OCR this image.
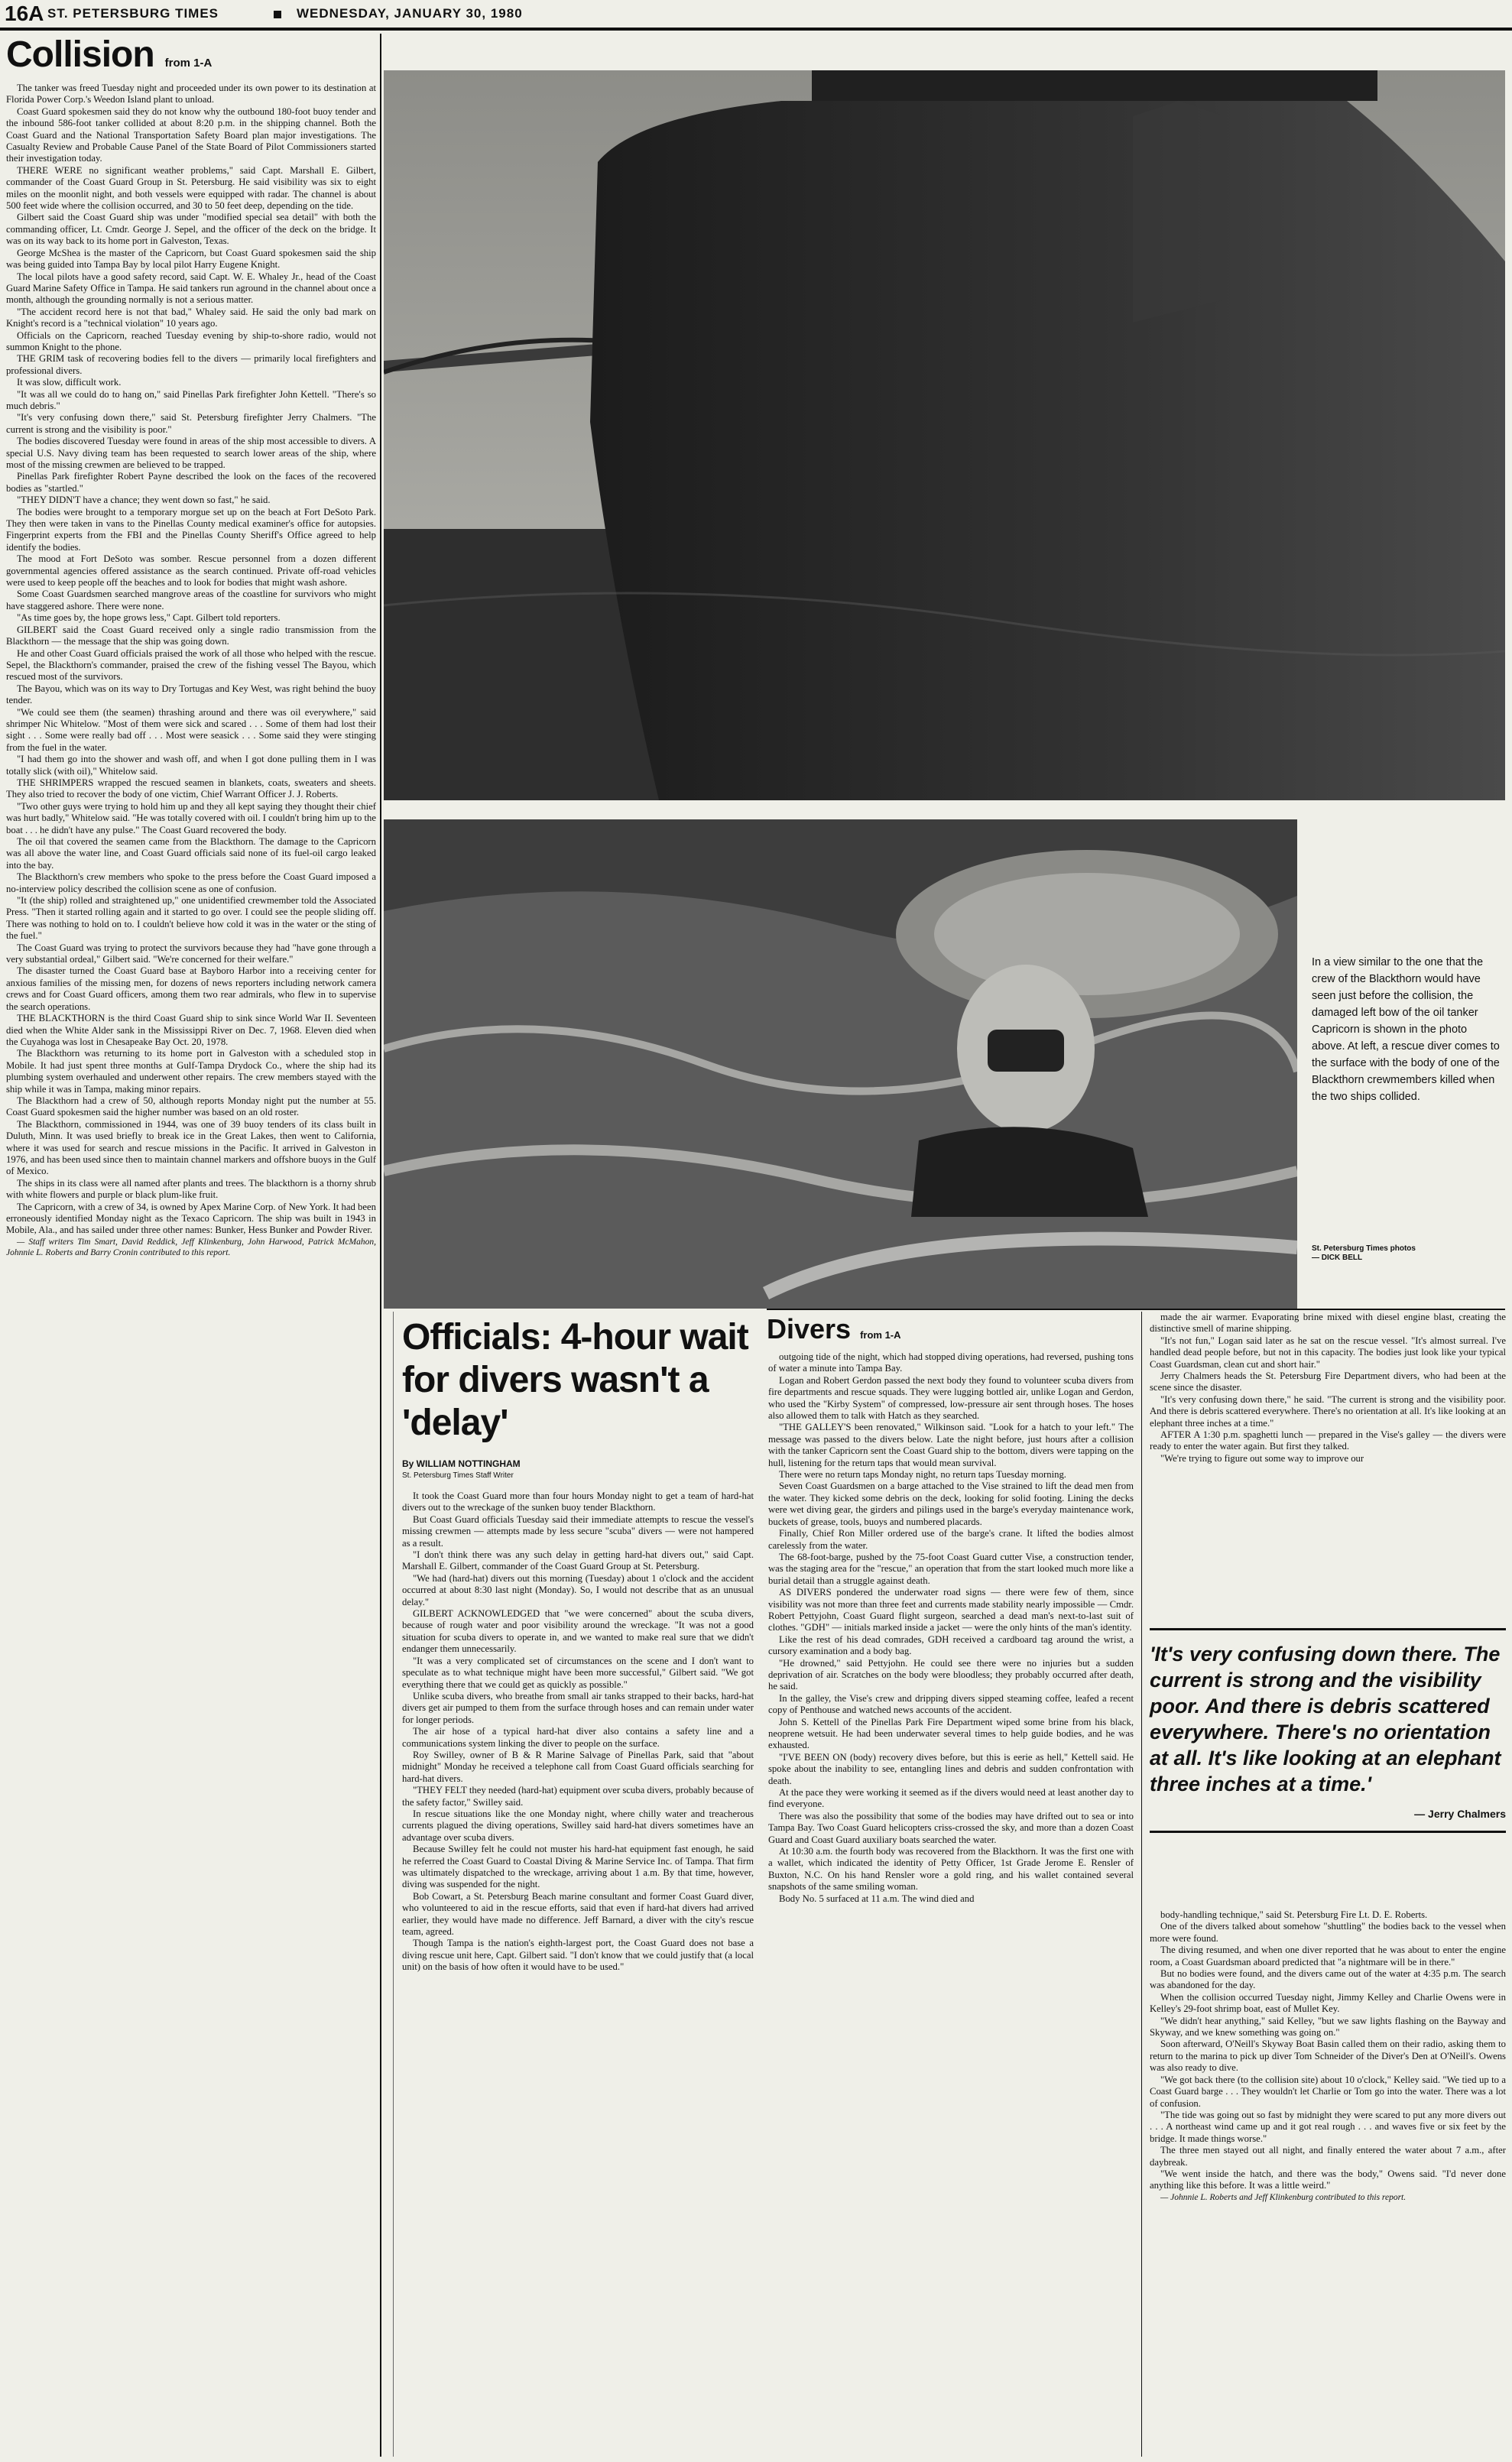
16A ST. PETERSBURG TIMES	WEDNESDAY, JANUARY 30, 1980
Collision from 1-A

The tanker was freed Tuesday night and proceeded under its own power to its destination at Florida Power Corp.'s Weedon Island plant to unload.

Coast Guard spokesmen said they do not know why the outbound 180-foot buoy tender and the inbound 586-foot tanker collided at about 8:20 p.m. in the shipping channel. Both the Coast Guard and the National Transportation Safety Board plan major investigations. The Casualty Review and Probable Cause Panel of the State Board of Pilot Commissioners started their investigation today.

THERE WERE no significant weather problems," said Capt. Marshall E. Gilbert, commander of the Coast Guard Group in St. Petersburg. He said visibility was six to eight miles on the moonlit night, and both vessels were equipped with radar. The channel is about 500 feet wide where the collision occurred, and 30 to 50 feet deep, depending on the tide.

Gilbert said the Coast Guard ship was under "modified special sea detail" with both the commanding officer, Lt. Cmdr. George J. Sepel, and the officer of the deck on the bridge. It was on its way back to its home port in Galveston, Texas.

George McShea is the master of the Capricorn, but Coast Guard spokesmen said the ship was being guided into Tampa Bay by local pilot Harry Eugene Knight.

The local pilots have a good safety record, said Capt. W. E. Whaley Jr., head of the Coast Guard Marine Safety Office in Tampa. He said tankers run aground in the channel about once a month, although the grounding normally is not a serious matter.

"The accident record here is not that bad," Whaley said. He said the only bad mark on Knight's record is a "technical violation" 10 years ago.

Officials on the Capricorn, reached Tuesday evening by ship-to-shore radio, would not summon Knight to the phone.

THE GRIM task of recovering bodies fell to the divers — primarily local firefighters and professional divers.

It was slow, difficult work.

"It was all we could do to hang on," said Pinellas Park firefighter John Kettell. "There's so much debris."

"It's very confusing down there," said St. Petersburg firefighter Jerry Chalmers. "The current is strong and the visibility is poor."

The bodies discovered Tuesday were found in areas of the ship most accessible to divers. A special U.S. Navy diving team has been requested to search lower areas of the ship, where most of the missing crewmen are believed to be trapped.

Pinellas Park firefighter Robert Payne described the look on the faces of the recovered bodies as "startled."

"THEY DIDN'T have a chance; they went down so fast," he said.

The bodies were brought to a temporary morgue set up on the beach at Fort DeSoto Park. They then were taken in vans to the Pinellas County medical examiner's office for autopsies. Fingerprint experts from the FBI and the Pinellas County Sheriff's Office agreed to help identify the bodies.

The mood at Fort DeSoto was somber. Rescue personnel from a dozen different governmental agencies offered assistance as the search continued. Private off-road vehicles were used to keep people off the beaches and to look for bodies that might wash ashore.

Some Coast Guardsmen searched mangrove areas of the coastline for survivors who might have staggered ashore. There were none.

"As time goes by, the hope grows less," Capt. Gilbert told reporters.

GILBERT said the Coast Guard received only a single radio transmission from the Blackthorn — the message that the ship was going down.

He and other Coast Guard officials praised the work of all those who helped with the rescue. Sepel, the Blackthorn's commander, praised the crew of the fishing vessel The Bayou, which rescued most of the survivors.

The Bayou, which was on its way to Dry Tortugas and Key West, was right behind the buoy tender.

"We could see them (the seamen) thrashing around and there was oil everywhere," said shrimper Nic Whitelow. "Most of them were sick and scared . . . Some of them had lost their sight . . . Some were really bad off . . . Most were seasick . . . Some said they were stinging from the fuel in the water.

"I had them go into the shower and wash off, and when I got done pulling them in I was totally slick (with oil)," Whitelow said.

THE SHRIMPERS wrapped the rescued seamen in blankets, coats, sweaters and sheets. They also tried to recover the body of one victim, Chief Warrant Officer J. J. Roberts.

"Two other guys were trying to hold him up and they all kept saying they thought their chief was hurt badly," Whitelow said. "He was totally covered with oil. I couldn't bring him up to the boat . . . he didn't have any pulse." The Coast Guard recovered the body.

The oil that covered the seamen came from the Blackthorn. The damage to the Capricorn was all above the water line, and Coast Guard officials said none of its fuel-oil cargo leaked into the bay.

The Blackthorn's crew members who spoke to the press before the Coast Guard imposed a no-interview policy described the collision scene as one of confusion.

"It (the ship) rolled and straightened up," one unidentified crewmember told the Associated Press. "Then it started rolling again and it started to go over. I could see the people sliding off. There was nothing to hold on to. I couldn't believe how cold it was in the water or the sting of the fuel."

The Coast Guard was trying to protect the survivors because they had "have gone through a very substantial ordeal," Gilbert said. "We're concerned for their welfare."

The disaster turned the Coast Guard base at Bayboro Harbor into a receiving center for anxious families of the missing men, for dozens of news reporters including network camera crews and for Coast Guard officers, among them two rear admirals, who flew in to supervise the search operations.

THE BLACKTHORN is the third Coast Guard ship to sink since World War II. Seventeen died when the White Alder sank in the Mississippi River on Dec. 7, 1968. Eleven died when the Cuyahoga was lost in Chesapeake Bay Oct. 20, 1978.

The Blackthorn was returning to its home port in Galveston with a scheduled stop in Mobile. It had just spent three months at Gulf-Tampa Drydock Co., where the ship had its plumbing system overhauled and underwent other repairs. The crew members stayed with the ship while it was in Tampa, making minor repairs.

The Blackthorn had a crew of 50, although reports Monday night put the number at 55. Coast Guard spokesmen said the higher number was based on an old roster.

The Blackthorn, commissioned in 1944, was one of 39 buoy tenders of its class built in Duluth, Minn. It was used briefly to break ice in the Great Lakes, then went to California, where it was used for search and rescue missions in the Pacific. It arrived in Galveston in 1976, and has been used since then to maintain channel markers and offshore buoys in the Gulf of Mexico.

The ships in its class were all named after plants and trees. The blackthorn is a thorny shrub with white flowers and purple or black plum-like fruit.

The Capricorn, with a crew of 34, is owned by Apex Marine Corp. of New York. It had been erroneously identified Monday night as the Texaco Capricorn. The ship was built in 1943 in Mobile, Ala., and has sailed under three other names: Bunker, Hess Bunker and Powder River.

— Staff writers Tim Smart, David Reddick, Jeff Klinkenburg, John Harwood, Patrick McMahon, Johnnie L. Roberts and Barry Cronin contributed to this report.

In a view similar to the one that the crew of the Blackthorn would have seen just before the collision, the damaged left bow of the oil tanker Capricorn is shown in the photo above. At left, a rescue diver comes to the surface with the body of one of the Blackthorn crewmembers killed when the two ships collided.
St. Petersburg Times photos
— DICK BELL
Officials: 4-hour wait for divers wasn't a 'delay'
By WILLIAM NOTTINGHAM
St. Petersburg Times Staff Writer

It took the Coast Guard more than four hours Monday night to get a team of hard-hat divers out to the wreckage of the sunken buoy tender Blackthorn.

But Coast Guard officials Tuesday said their immediate attempts to rescue the vessel's missing crewmen — attempts made by less secure "scuba" divers — were not hampered as a result.

"I don't think there was any such delay in getting hard-hat divers out," said Capt. Marshall E. Gilbert, commander of the Coast Guard Group at St. Petersburg.

"We had (hard-hat) divers out this morning (Tuesday) about 1 o'clock and the accident occurred at about 8:30 last night (Monday). So, I would not describe that as an unusual delay."

GILBERT ACKNOWLEDGED that "we were concerned" about the scuba divers, because of rough water and poor visibility around the wreckage. "It was not a good situation for scuba divers to operate in, and we wanted to make real sure that we didn't endanger them unnecessarily.

"It was a very complicated set of circumstances on the scene and I don't want to speculate as to what technique might have been more successful," Gilbert said. "We got everything there that we could get as quickly as possible."

Unlike scuba divers, who breathe from small air tanks strapped to their backs, hard-hat divers get air pumped to them from the surface through hoses and can remain under water for longer periods.

The air hose of a typical hard-hat diver also contains a safety line and a communications system linking the diver to people on the surface.

Roy Swilley, owner of B & R Marine Salvage of Pinellas Park, said that "about midnight" Monday he received a telephone call from Coast Guard officials searching for hard-hat divers.

"THEY FELT they needed (hard-hat) equipment over scuba divers, probably because of the safety factor," Swilley said.

In rescue situations like the one Monday night, where chilly water and treacherous currents plagued the diving operations, Swilley said hard-hat divers sometimes have an advantage over scuba divers.

Because Swilley felt he could not muster his hard-hat equipment fast enough, he said he referred the Coast Guard to Coastal Diving & Marine Service Inc. of Tampa. That firm was ultimately dispatched to the wreckage, arriving about 1 a.m. By that time, however, diving was suspended for the night.

Bob Cowart, a St. Petersburg Beach marine consultant and former Coast Guard diver, who volunteered to aid in the rescue efforts, said that even if hard-hat divers had arrived earlier, they would have made no difference. Jeff Barnard, a diver with the city's rescue team, agreed.

Though Tampa is the nation's eighth-largest port, the Coast Guard does not base a diving rescue unit here, Capt. Gilbert said. "I don't know that we could justify that (a local unit) on the basis of how often it would have to be used."

Divers from 1-A

outgoing tide of the night, which had stopped diving operations, had reversed, pushing tons of water a minute into Tampa Bay.

Logan and Robert Gerdon passed the next body they found to volunteer scuba divers from fire departments and rescue squads. They were lugging bottled air, unlike Logan and Gerdon, who used the "Kirby System" of compressed, low-pressure air sent through hoses. The hoses also allowed them to talk with Hatch as they searched.

"THE GALLEY'S been renovated," Wilkinson said. "Look for a hatch to your left." The message was passed to the divers below. Late the night before, just hours after a collision with the tanker Capricorn sent the Coast Guard ship to the bottom, divers were tapping on the hull, listening for the return taps that would mean survival.

There were no return taps Monday night, no return taps Tuesday morning.

Seven Coast Guardsmen on a barge attached to the Vise strained to lift the dead men from the water. They kicked some debris on the deck, looking for solid footing. Lining the decks were wet diving gear, the girders and pilings used in the barge's everyday maintenance work, buckets of grease, tools, buoys and numbered placards.

Finally, Chief Ron Miller ordered use of the barge's crane. It lifted the bodies almost carelessly from the water.

The 68-foot-barge, pushed by the 75-foot Coast Guard cutter Vise, a construction tender, was the staging area for the "rescue," an operation that from the start looked much more like a burial detail than a struggle against death.

AS DIVERS pondered the underwater road signs — there were few of them, since visibility was not more than three feet and currents made stability nearly impossible — Cmdr. Robert Pettyjohn, Coast Guard flight surgeon, searched a dead man's next-to-last suit of clothes. "GDH" — initials marked inside a jacket — were the only hints of the man's identity.

Like the rest of his dead comrades, GDH received a cardboard tag around the wrist, a cursory examination and a body bag.

"He drowned," said Pettyjohn. He could see there were no injuries but a sudden deprivation of air. Scratches on the body were bloodless; they probably occurred after death, he said.

In the galley, the Vise's crew and dripping divers sipped steaming coffee, leafed a recent copy of Penthouse and watched news accounts of the accident.

John S. Kettell of the Pinellas Park Fire Department wiped some brine from his black, neoprene wetsuit. He had been underwater several times to help guide bodies, and he was exhausted.

"I'VE BEEN ON (body) recovery dives before, but this is eerie as hell," Kettell said. He spoke about the inability to see, entangling lines and debris and sudden confrontation with death.

At the pace they were working it seemed as if the divers would need at least another day to find everyone.

There was also the possibility that some of the bodies may have drifted out to sea or into Tampa Bay. Two Coast Guard helicopters criss-crossed the sky, and more than a dozen Coast Guard and Coast Guard auxiliary boats searched the water.

At 10:30 a.m. the fourth body was recovered from the Blackthorn. It was the first one with a wallet, which indicated the identity of Petty Officer, 1st Grade Jerome E. Rensler of Buxton, N.C. On his hand Rensler wore a gold ring, and his wallet contained several snapshots of the same smiling woman.

Body No. 5 surfaced at 11 a.m. The wind died and

made the air warmer. Evaporating brine mixed with diesel engine blast, creating the distinctive smell of marine shipping.

"It's not fun," Logan said later as he sat on the rescue vessel. "It's almost surreal. I've handled dead people before, but not in this capacity. The bodies just look like your typical Coast Guardsman, clean cut and short hair."

Jerry Chalmers heads the St. Petersburg Fire Department divers, who had been at the scene since the disaster.

"It's very confusing down there," he said. "The current is strong and the visibility poor. And there is debris scattered everywhere. There's no orientation at all. It's like looking at an elephant three inches at a time."

AFTER A 1:30 p.m. spaghetti lunch — prepared in the Vise's galley — the divers were ready to enter the water again. But first they talked.

"We're trying to figure out some way to improve our

'It's very confusing down there. The current is strong and the visibility poor. And there is debris scattered everywhere. There's no orientation at all. It's like looking at an elephant three inches at a time.'
— Jerry Chalmers

body-handling technique," said St. Petersburg Fire Lt. D. E. Roberts.

One of the divers talked about somehow "shuttling" the bodies back to the vessel when more were found.

The diving resumed, and when one diver reported that he was about to enter the engine room, a Coast Guardsman aboard predicted that "a nightmare will be in there."

But no bodies were found, and the divers came out of the water at 4:35 p.m. The search was abandoned for the day.

When the collision occurred Tuesday night, Jimmy Kelley and Charlie Owens were in Kelley's 29-foot shrimp boat, east of Mullet Key.

"We didn't hear anything," said Kelley, "but we saw lights flashing on the Bayway and Skyway, and we knew something was going on."

Soon afterward, O'Neill's Skyway Boat Basin called them on their radio, asking them to return to the marina to pick up diver Tom Schneider of the Diver's Den at O'Neill's. Owens was also ready to dive.

"We got back there (to the collision site) about 10 o'clock," Kelley said. "We tied up to a Coast Guard barge . . . They wouldn't let Charlie or Tom go into the water. There was a lot of confusion.

"The tide was going out so fast by midnight they were scared to put any more divers out . . . A northeast wind came up and it got real rough . . . and waves five or six feet by the bridge. It made things worse."

The three men stayed out all night, and finally entered the water about 7 a.m., after daybreak.

"We went inside the hatch, and there was the body," Owens said. "I'd never done anything like this before. It was a little weird."

— Johnnie L. Roberts and Jeff Klinkenburg contributed to this report.
